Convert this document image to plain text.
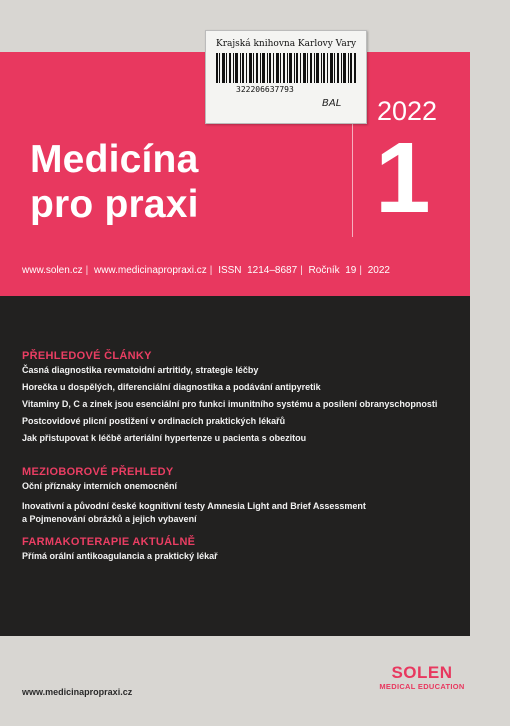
Medicína
pro praxi
2022
1
www.solen.cz | www.medicinapropraxi.cz | ISSN 1214–8687 | Ročník 19 | 2022
PŘEHLEDOVÉ ČLÁNKY
Časná diagnostika revmatoidní artritidy, strategie léčby
Horečka u dospělých, diferenciální diagnostika a podávání antipyretik
Vitaminy D, C a zinek jsou esenciální pro funkci imunitního systému a posílení obranyschopnosti
Postcovidové plicní postižení v ordinacích praktických lékařů
Jak přistupovat k léčbě arteriální hypertenze u pacienta s obezitou
MEZIOBOROVÉ PŘEHLEDY
Oční příznaky interních onemocnění
Inovativní a původní české kognitivní testy Amnesia Light and Brief Assessment
a Pojmenování obrázků a jejich vybavení
FARMAKOTERAPIE AKTUÁLNĚ
Přímá orální antikoagulancia a praktický lékař
www.medicinapropraxi.cz
SOLEN
MEDICAL EDUCATION
Krajská knihovna Karlovy Vary
322206637793
BAL
